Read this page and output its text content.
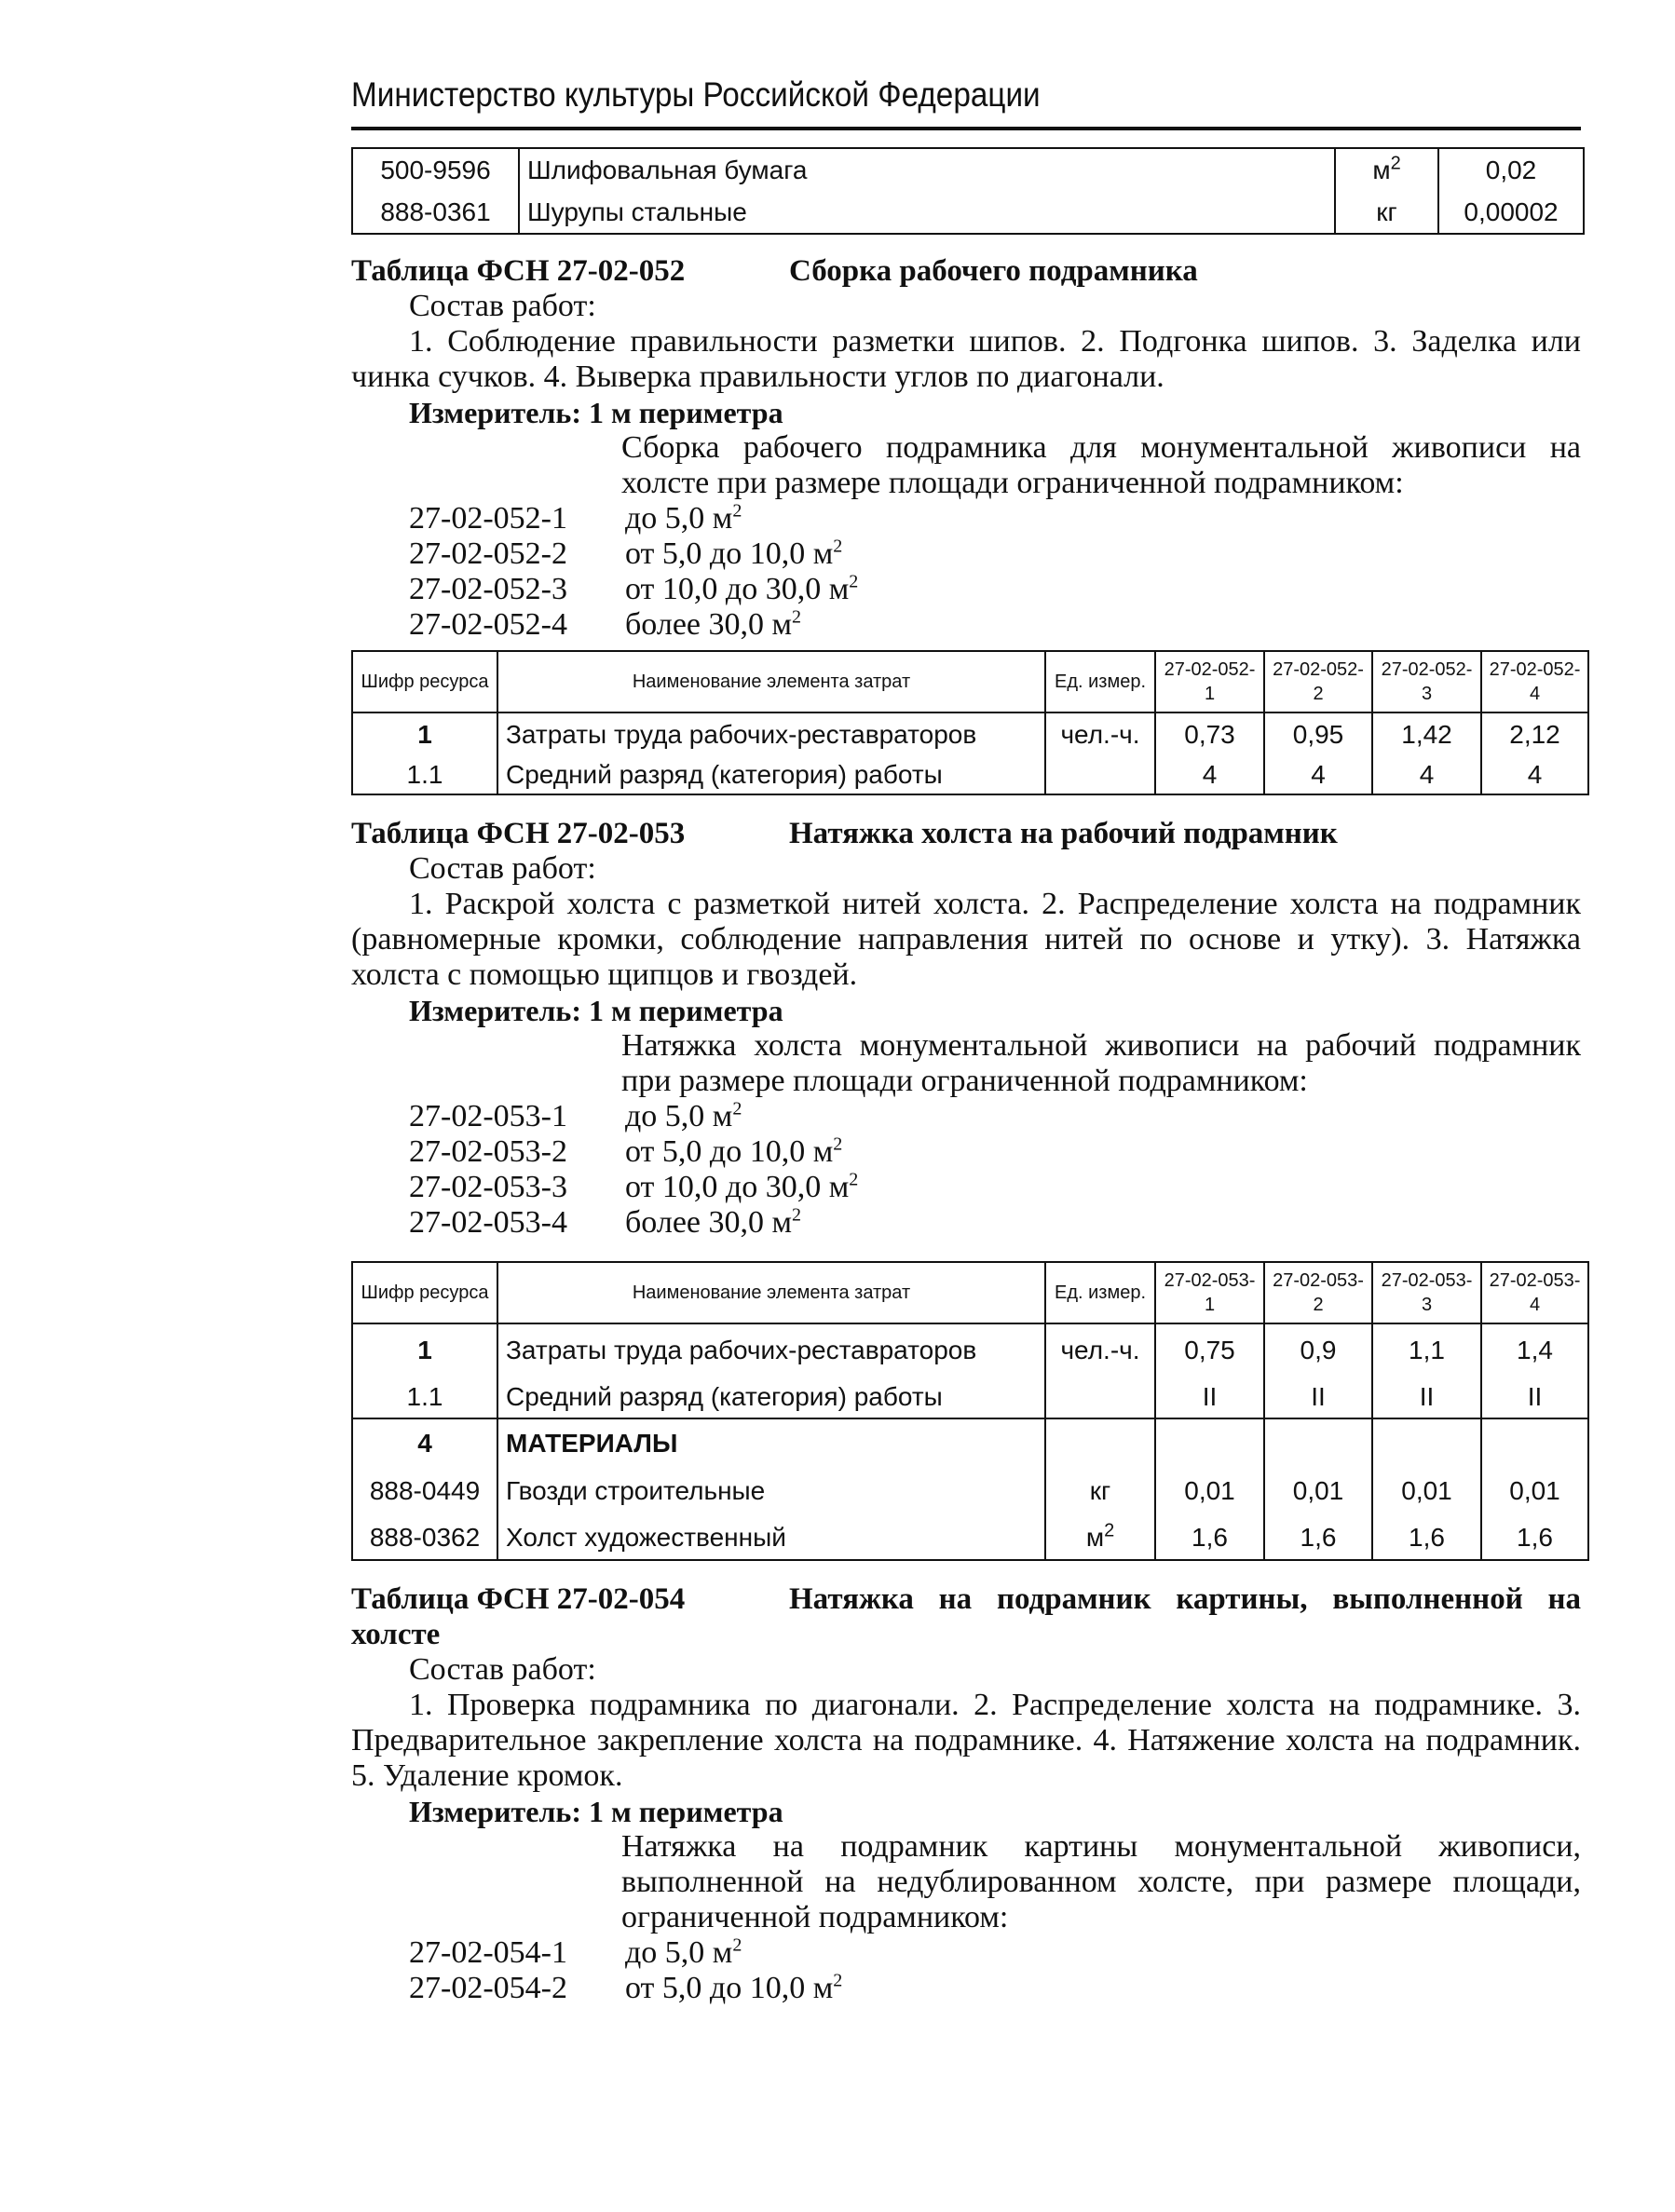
Министерство культуры Российской Федерации
500-9596	Шлифовальная бумага	$м^2$	0,02
888-0361	Шурупы стальные	кг	0,00002
Таблица ФСН 27-02-052	Сборка рабочего подрамника
Состав работ:
1. Соблюдение правильности разметки шипов. 2. Подгонка шипов. 3. Заделка или чинка сучков. 4. Выверка правильности углов по диагонали.
Измеритель: 1 м периметра
Сборка рабочего подрамника для монументальной живописи на холсте при размере площади ограниченной подрамником:
27-02-052-1	до 5,0 $м^2$
27-02-052-2	от 5,0 до 10,0 $м^2$
27-02-052-3	от 10,0 до 30,0 $м^2$
27-02-052-4	более 30,0 $м^2$
Шифр ресурса	Наименование элемента затрат	Ед. измер.	27-02-052-1	27-02-052-2	27-02-052-3	27-02-052-4
1	Затраты труда рабочих-реставраторов	чел.-ч.	0,73	0,95	1,42	2,12
1.1	Средний разряд (категория) работы		4	4	4	4
Таблица ФСН 27-02-053	Натяжка холста на рабочий подрамник
Состав работ:
1. Раскрой холста с разметкой нитей холста. 2. Распределение холста на подрамник (равномерные кромки, соблюдение направления нитей по основе и утку). 3. Натяжка холста с помощью щипцов и гвоздей.
Измеритель: 1 м периметра
Натяжка холста монументальной живописи на рабочий подрамник при размере площади ограниченной подрамником:
27-02-053-1	до 5,0 $м^2$
27-02-053-2	от 5,0 до 10,0 $м^2$
27-02-053-3	от 10,0 до 30,0 $м^2$
27-02-053-4	более 30,0 $м^2$
Шифр ресурса	Наименование элемента затрат	Ед. измер.	27-02-053-1	27-02-053-2	27-02-053-3	27-02-053-4
1	Затраты труда рабочих-реставраторов	чел.-ч.	0,75	0,9	1,1	1,4
1.1	Средний разряд (категория) работы		II	II	II	II
4	МАТЕРИАЛЫ					
888-0449	Гвозди строительные	кг	0,01	0,01	0,01	0,01
888-0362	Холст художественный	$м^2$	1,6	1,6	1,6	1,6
Таблица ФСН 27-02-054	Натяжка на подрамник картины, выполненной на холсте
Состав работ:
1. Проверка подрамника по диагонали. 2. Распределение холста на подрамнике. 3. Предварительное закрепление холста на подрамнике. 4. Натяжение холста на подрамник. 5. Удаление кромок.
Измеритель: 1 м периметра
Натяжка на подрамник картины монументальной живописи, выполненной на недублированном холсте, при размере площади, ограниченной подрамником:
27-02-054-1	до 5,0 $м^2$
27-02-054-2	от 5,0 до 10,0 $м^2$
